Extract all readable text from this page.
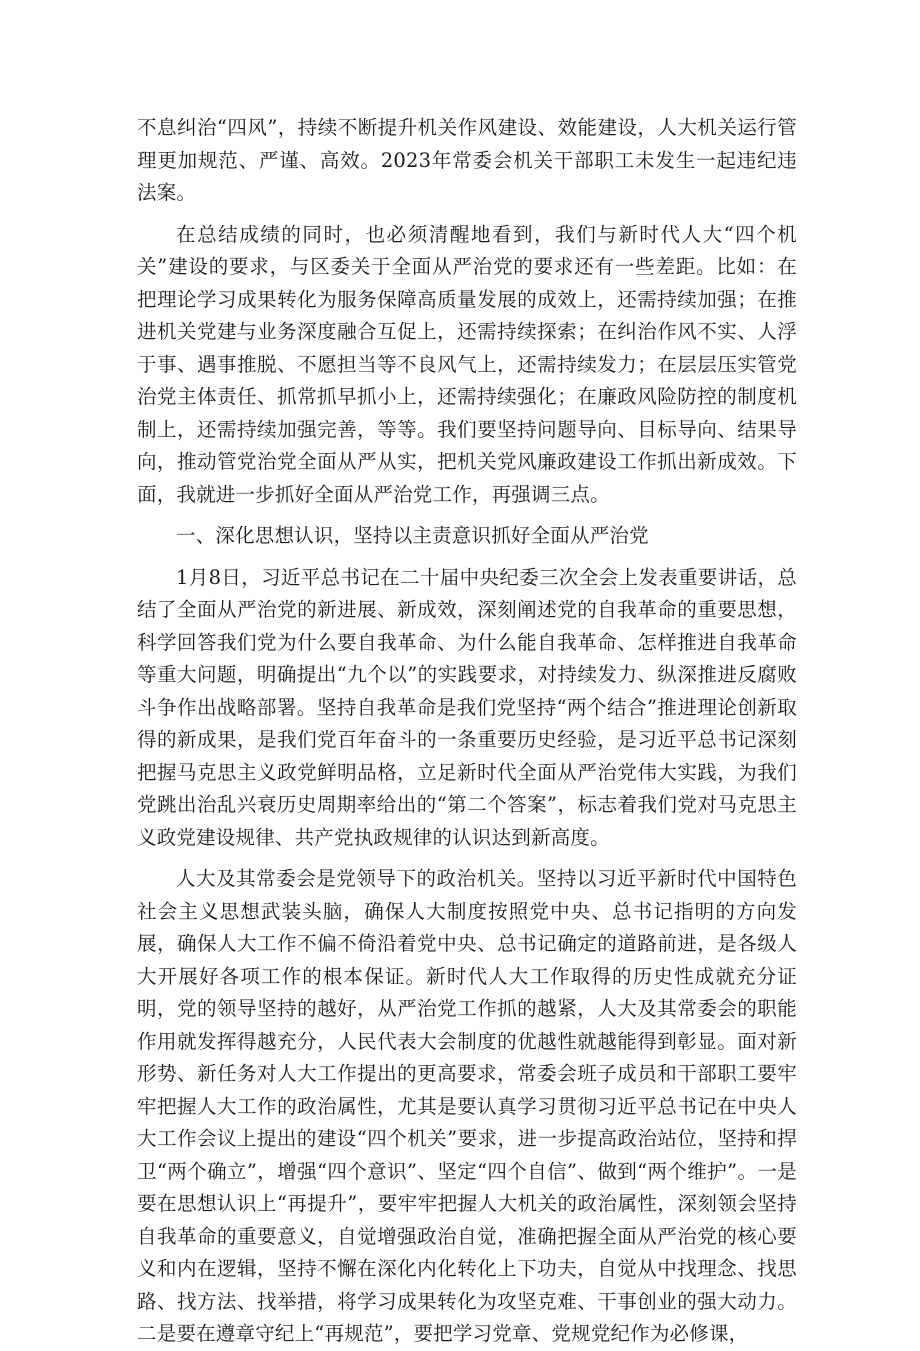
不息纠治“四风”，持续不断提升机关作风建设、效能建设，人大机关运行管理更加规范、严谨、高效。2023年常委会机关干部职工未发生一起违纪违法案。

在总结成绩的同时，也必须清醒地看到，我们与新时代人大“四个机关”建设的要求，与区委关于全面从严治党的要求还有一些差距。比如：在把理论学习成果转化为服务保障高质量发展的成效上，还需持续加强；在推进机关党建与业务深度融合互促上，还需持续探索；在纠治作风不实、人浮于事、遇事推脱、不愿担当等不良风气上，还需持续发力；在层层压实管党治党主体责任、抓常抓早抓小上，还需持续强化；在廉政风险防控的制度机制上，还需持续加强完善，等等。我们要坚持问题导向、目标导向、结果导向，推动管党治党全面从严从实，把机关党风廉政建设工作抓出新成效。下面，我就进一步抓好全面从严治党工作，再强调三点。

一、深化思想认识，坚持以主责意识抓好全面从严治党

1月8日，习近平总书记在二十届中央纪委三次全会上发表重要讲话，总结了全面从严治党的新进展、新成效，深刻阐述党的自我革命的重要思想，科学回答我们党为什么要自我革命、为什么能自我革命、怎样推进自我革命等重大问题，明确提出“九个以”的实践要求，对持续发力、纵深推进反腐败斗争作出战略部署。坚持自我革命是我们党坚持“两个结合”推进理论创新取得的新成果，是我们党百年奋斗的一条重要历史经验，是习近平总书记深刻把握马克思主义政党鲜明品格，立足新时代全面从严治党伟大实践，为我们党跳出治乱兴衰历史周期率给出的“第二个答案”，标志着我们党对马克思主义政党建设规律、共产党执政规律的认识达到新高度。

人大及其常委会是党领导下的政治机关。坚持以习近平新时代中国特色社会主义思想武装头脑，确保人大制度按照党中央、总书记指明的方向发展，确保人大工作不偏不倚沿着党中央、总书记确定的道路前进，是各级人大开展好各项工作的根本保证。新时代人大工作取得的历史性成就充分证明，党的领导坚持的越好，从严治党工作抓的越紧，人大及其常委会的职能作用就发挥得越充分，人民代表大会制度的优越性就越能得到彰显。面对新形势、新任务对人大工作提出的更高要求，常委会班子成员和干部职工要牢牢把握人大工作的政治属性，尤其是要认真学习贯彻习近平总书记在中央人大工作会议上提出的建设“四个机关”要求，进一步提高政治站位，坚持和捍卫“两个确立”，增强“四个意识”、坚定“四个自信”、做到“两个维护”。一是要在思想认识上“再提升”，要牢牢把握人大机关的政治属性，深刻领会坚持自我革命的重要意义，自觉增强政治自觉，准确把握全面从严治党的核心要义和内在逻辑，坚持不懈在深化内化转化上下功夫，自觉从中找理念、找思路、找方法、找举措，将学习成果转化为攻坚克难、干事创业的强大动力。二是要在遵章守纪上“再规范”，要把学习党章、党规党纪作为必修课，
